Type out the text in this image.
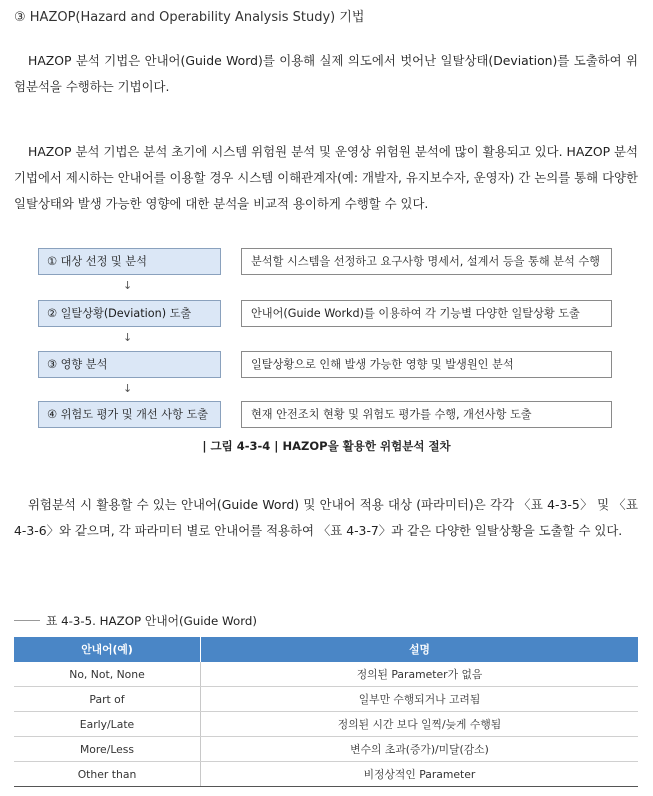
③ HAZOP(Hazard and Operability Analysis Study) 기법
HAZOP 분석 기법은 안내어(Guide Word)를 이용해 실제 의도에서 벗어난 일탈상태(Deviation)를 도출하여 위험분석을 수행하는 기법이다.
HAZOP 분석 기법은 분석 초기에 시스템 위험원 분석 및 운영상 위험원 분석에 많이 활용되고 있다. HAZOP 분석 기법에서 제시하는 안내어를 이용할 경우 시스템 이해관계자(예: 개발자, 유지보수자, 운영자) 간 논의를 통해 다양한 일탈상태와 발생 가능한 영향에 대한 분석을 비교적 용이하게 수행할 수 있다.
① 대상 선정 및 분석	분석할 시스템을 선정하고 요구사항 명세서, 설계서 등을 통해 분석 수행
↓
② 일탈상황(Deviation) 도출	안내어(Guide Workd)를 이용하여 각 기능별 다양한 일탈상황 도출
↓
③ 영향 분석	일탈상황으로 인해 발생 가능한 영향 및 발생원인 분석
↓
④ 위험도 평가 및 개선 사항 도출	현재 안전조치 현황 및 위험도 평가를 수행, 개선사항 도출
| 그림 4-3-4 | HAZOP을 활용한 위험분석 절차
위험분석 시 활용할 수 있는 안내어(Guide Word) 및 안내어 적용 대상 (파라미터)은 각각 〈표 4-3-5〉 및 〈표 4-3-6〉와 같으며, 각 파라미터 별로 안내어를 적용하여 〈표 4-3-7〉과 같은 다양한 일탈상황을 도출할 수 있다.
표 4-3-5. HAZOP 안내어(Guide Word)
안내어(예)	설명
No, Not, None	정의된 Parameter가 없음
Part of	일부만 수행되거나 고려됨
Early/Late	정의된 시간 보다 일찍/늦게 수행됨
More/Less	변수의 초과(증가)/미달(감소)
Other than	비정상적인 Parameter
